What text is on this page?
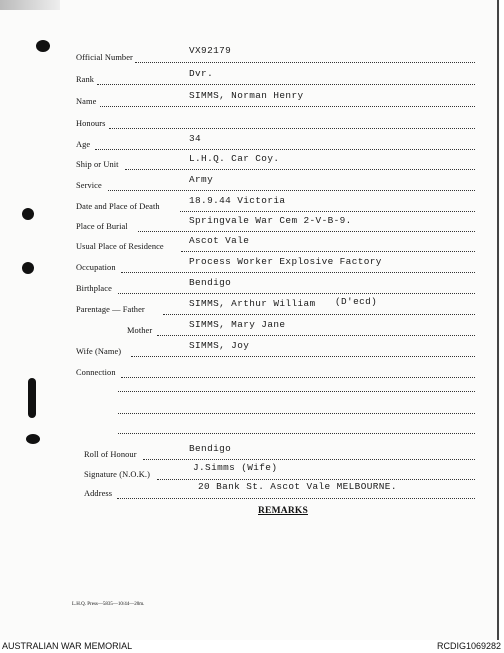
Official Number
VX92179
Rank
Dvr.
Name
SIMMS, Norman Henry
Honours
Age
34
Ship or Unit
L.H.Q. Car Coy.
Service
Army
Date and Place of Death
18.9.44 Victoria
Place of Burial
Springvale War Cem 2-V-B-9.
Usual Place of Residence
Ascot Vale
Occupation
Process Worker Explosive Factory
Birthplace
Bendigo
Parentage — Father
SIMMS, Arthur William (D'ecd)
Mother
SIMMS, Mary Jane
Wife (Name)
SIMMS, Joy
Connection
Roll of Honour
Bendigo
Signature (N.O.K.)
J.Simms (Wife)
Address
20 Bank St. Ascot Vale MELBOURNE.
REMARKS
L.H.Q. Press—5835—10/44—20m.
AUSTRALIAN WAR MEMORIAL	RCDIG1069282
